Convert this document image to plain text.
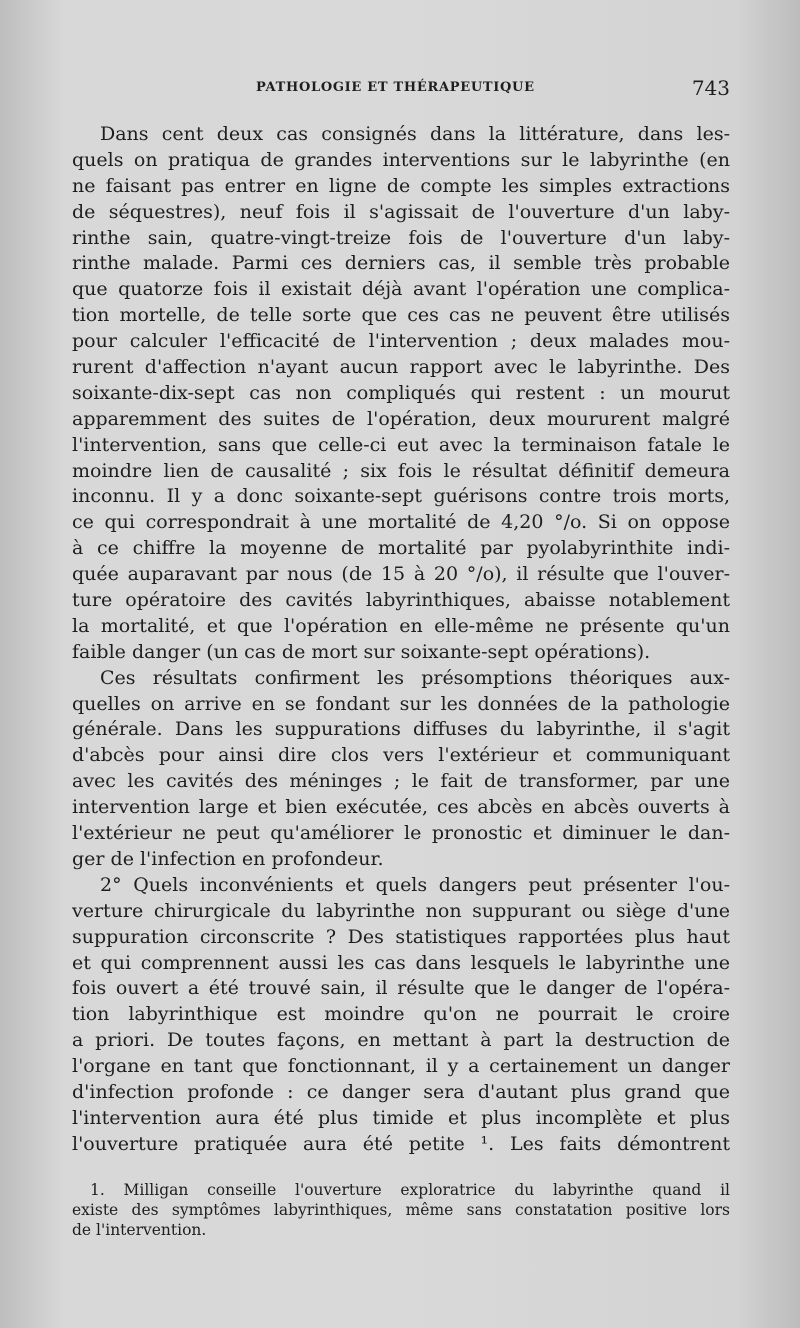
PATHOLOGIE ET THÉRAPEUTIQUE	743
Dans cent deux cas consignés dans la littérature, dans les-
quels on pratiqua de grandes interventions sur le labyrinthe (en
ne faisant pas entrer en ligne de compte les simples extractions
de séquestres), neuf fois il s'agissait de l'ouverture d'un laby-
rinthe sain, quatre-vingt-treize fois de l'ouverture d'un laby-
rinthe malade. Parmi ces derniers cas, il semble très probable
que quatorze fois il existait déjà avant l'opération une complica-
tion mortelle, de telle sorte que ces cas ne peuvent être utilisés
pour calculer l'efficacité de l'intervention ; deux malades mou-
rurent d'affection n'ayant aucun rapport avec le labyrinthe. Des
soixante-dix-sept cas non compliqués qui restent : un mourut
apparemment des suites de l'opération, deux moururent malgré
l'intervention, sans que celle-ci eut avec la terminaison fatale le
moindre lien de causalité ; six fois le résultat définitif demeura
inconnu. Il y a donc soixante-sept guérisons contre trois morts,
ce qui correspondrait à une mortalité de 4,20 °/o. Si on oppose
à ce chiffre la moyenne de mortalité par pyolabyrinthite indi-
quée auparavant par nous (de 15 à 20 °/o), il résulte que l'ouver-
ture opératoire des cavités labyrinthiques, abaisse notablement
la mortalité, et que l'opération en elle-même ne présente qu'un
faible danger (un cas de mort sur soixante-sept opérations).
Ces résultats confirment les présomptions théoriques aux-
quelles on arrive en se fondant sur les données de la pathologie
générale. Dans les suppurations diffuses du labyrinthe, il s'agit
d'abcès pour ainsi dire clos vers l'extérieur et communiquant
avec les cavités des méninges ; le fait de transformer, par une
intervention large et bien exécutée, ces abcès en abcès ouverts à
l'extérieur ne peut qu'améliorer le pronostic et diminuer le dan-
ger de l'infection en profondeur.
2° Quels inconvénients et quels dangers peut présenter l'ou-
verture chirurgicale du labyrinthe non suppurant ou siège d'une
suppuration circonscrite ? Des statistiques rapportées plus haut
et qui comprennent aussi les cas dans lesquels le labyrinthe une
fois ouvert a été trouvé sain, il résulte que le danger de l'opéra-
tion labyrinthique est moindre qu'on ne pourrait le croire
a priori. De toutes façons, en mettant à part la destruction de
l'organe en tant que fonctionnant, il y a certainement un danger
d'infection profonde : ce danger sera d'autant plus grand que
l'intervention aura été plus timide et plus incomplète et plus
l'ouverture pratiquée aura été petite ¹. Les faits démontrent
1. Milligan conseille l'ouverture exploratrice du labyrinthe quand il
existe des symptômes labyrinthiques, même sans constatation positive lors
de l'intervention.
